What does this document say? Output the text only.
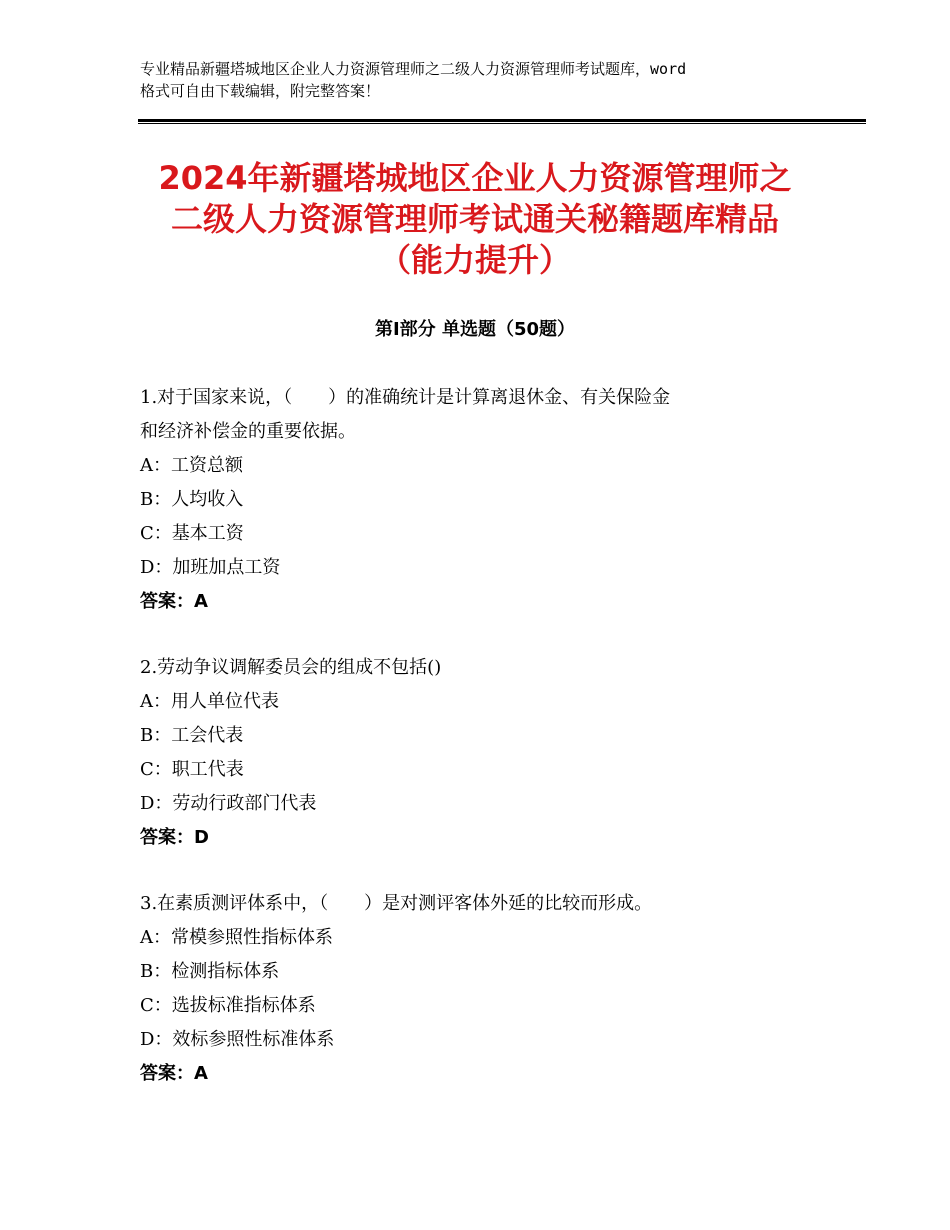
专业精品新疆塔城地区企业人力资源管理师之二级人力资源管理师考试题库，word
格式可自由下载编辑，附完整答案！
2024年新疆塔城地区企业人力资源管理师之
二级人力资源管理师考试通关秘籍题库精品
（能力提升）
第Ⅰ部分 单选题（50题）

1.对于国家来说，（　　）的准确统计是计算离退休金、有关保险金
和经济补偿金的重要依据。

A：工资总额

B：人均收入

C：基本工资

D：加班加点工资

答案：A

2.劳动争议调解委员会的组成不包括()

A：用人单位代表

B：工会代表

C：职工代表

D：劳动行政部门代表

答案：D

3.在素质测评体系中，（　　）是对测评客体外延的比较而形成。

A：常模参照性指标体系

B：检测指标体系

C：选拔标准指标体系

D：效标参照性标准体系

答案：A
